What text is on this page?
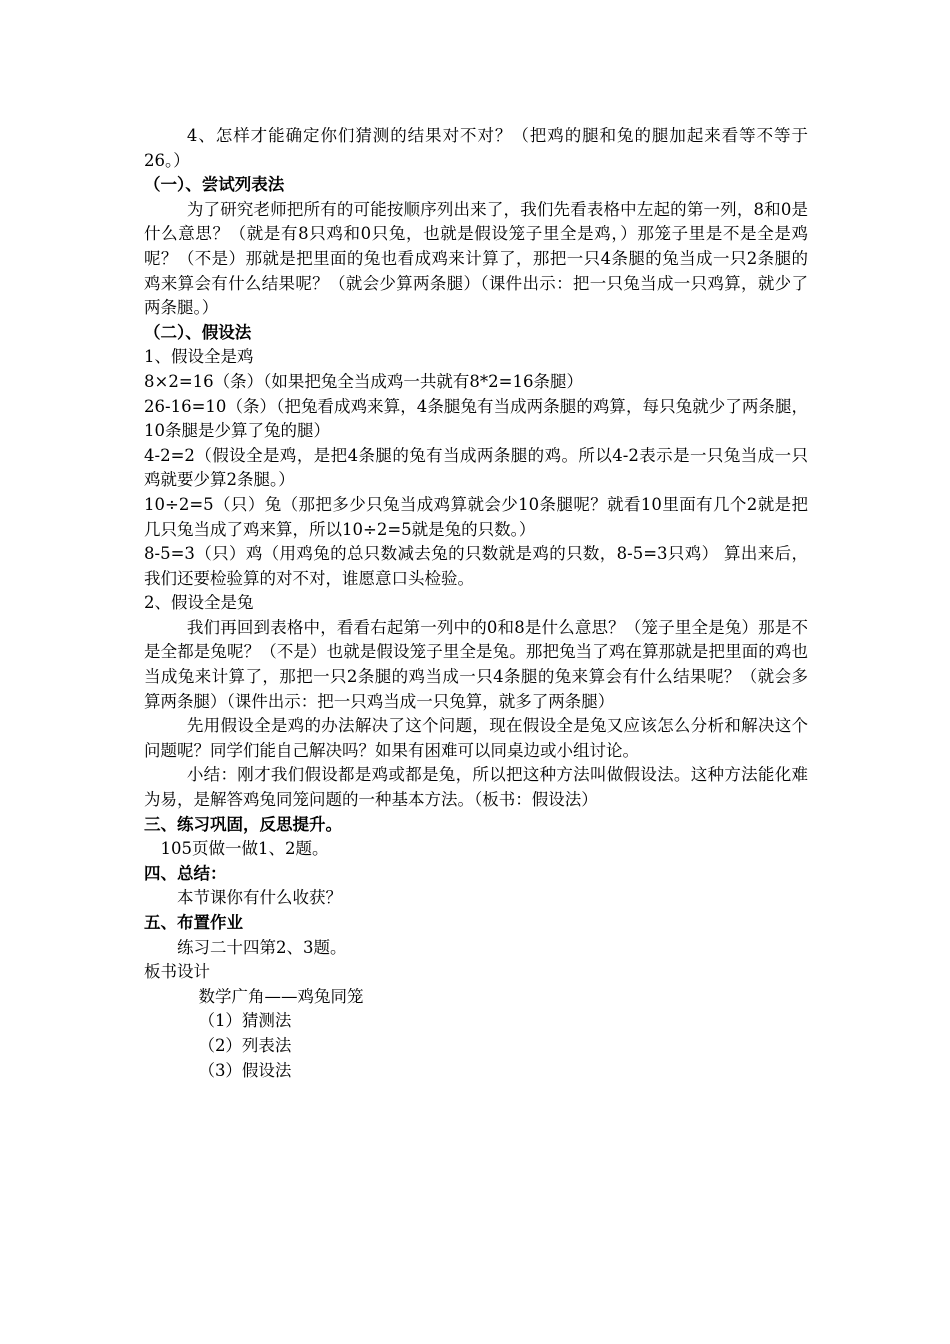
4、怎样才能确定你们猜测的结果对不对？（把鸡的腿和兔的腿加起来看等不等于26。）

（一）、尝试列表法

为了研究老师把所有的可能按顺序列出来了，我们先看表格中左起的第一列，8和0是什么意思？（就是有8只鸡和0只兔，也就是假设笼子里全是鸡，）那笼子里是不是全是鸡呢？（不是）那就是把里面的兔也看成鸡来计算了，那把一只4条腿的兔当成一只2条腿的鸡来算会有什么结果呢？（就会少算两条腿）（课件出示：把一只兔当成一只鸡算，就少了两条腿。）

（二）、假设法

1、假设全是鸡

8×2=16（条）（如果把兔全当成鸡一共就有8*2=16条腿）

26-16=10（条）（把兔看成鸡来算，4条腿兔有当成两条腿的鸡算，每只兔就少了两条腿，10条腿是少算了兔的腿）

4-2=2（假设全是鸡，是把4条腿的兔有当成两条腿的鸡。所以4-2表示是一只兔当成一只鸡就要少算2条腿。）

10÷2=5（只）兔（那把多少只兔当成鸡算就会少10条腿呢？就看10里面有几个2就是把几只兔当成了鸡来算，所以10÷2=5就是兔的只数。）

8-5=3（只）鸡（用鸡兔的总只数减去兔的只数就是鸡的只数，8-5=3只鸡） 算出来后，我们还要检验算的对不对，谁愿意口头检验。

2、假设全是兔

我们再回到表格中，看看右起第一列中的0和8是什么意思？（笼子里全是兔）那是不是全都是兔呢？（不是）也就是假设笼子里全是兔。那把兔当了鸡在算那就是把里面的鸡也当成兔来计算了，那把一只2条腿的鸡当成一只4条腿的兔来算会有什么结果呢？（就会多算两条腿）（课件出示：把一只鸡当成一只兔算，就多了两条腿）

先用假设全是鸡的办法解决了这个问题，现在假设全是兔又应该怎么分析和解决这个问题呢？同学们能自己解决吗？如果有困难可以同桌边或小组讨论。

小结：刚才我们假设都是鸡或都是兔，所以把这种方法叫做假设法。这种方法能化难为易，是解答鸡兔同笼问题的一种基本方法。（板书：假设法）

三、练习巩固，反思提升。

105页做一做1、2题。

四、总结：

本节课你有什么收获？

五、布置作业

练习二十四第2、3题。

板书设计

数学广角——鸡兔同笼

（1）猜测法

（2）列表法

（3）假设法
